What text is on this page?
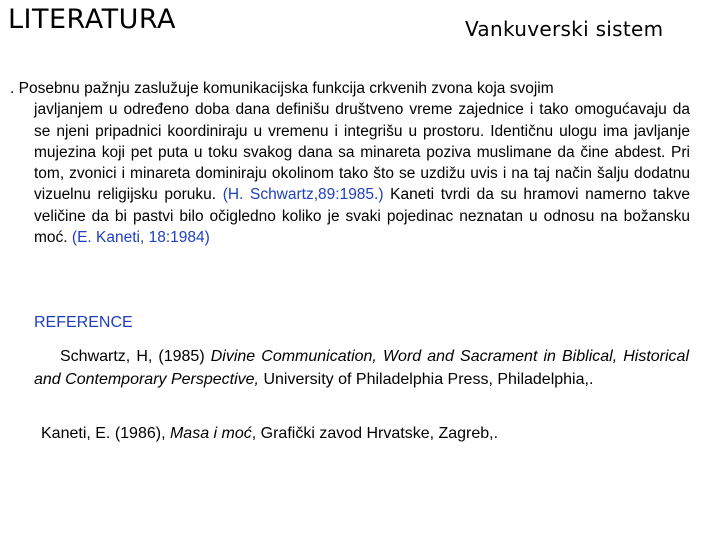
LITERATURA	Vankuverski sistem

. Posebnu pažnju zaslužuje komunikacijska funkcija crkvenih zvona koja svojim

javljanjem u određeno doba dana definišu društveno vreme zajednice i tako omogućavaju da se njeni pripadnici koordiniraju u vremenu i integrišu u prostoru. Identičnu ulogu ima javljanje mujezina koji pet puta u toku svakog dana sa minareta poziva muslimane da čine abdest. Pri tom, zvonici i minareta dominiraju okolinom tako što se uzdižu uvis i na taj način šalju dodatnu vizuelnu religijsku poruku. (H. Schwartz,89:1985.) Kaneti tvrdi da su hramovi namerno takve veličine da bi pastvi bilo očigledno koliko je svaki pojedinac neznatan u odnosu na božansku moć. (E. Kaneti, 18:1984)
REFERENCE
Schwartz, H, (1985) Divine Communication, Word and Sacrament in Biblical, Historical and Contemporary Perspective, University of Philadelphia Press, Philadelphia,.
Kaneti, E. (1986), Masa i moć, Grafički zavod Hrvatske, Zagreb,.
